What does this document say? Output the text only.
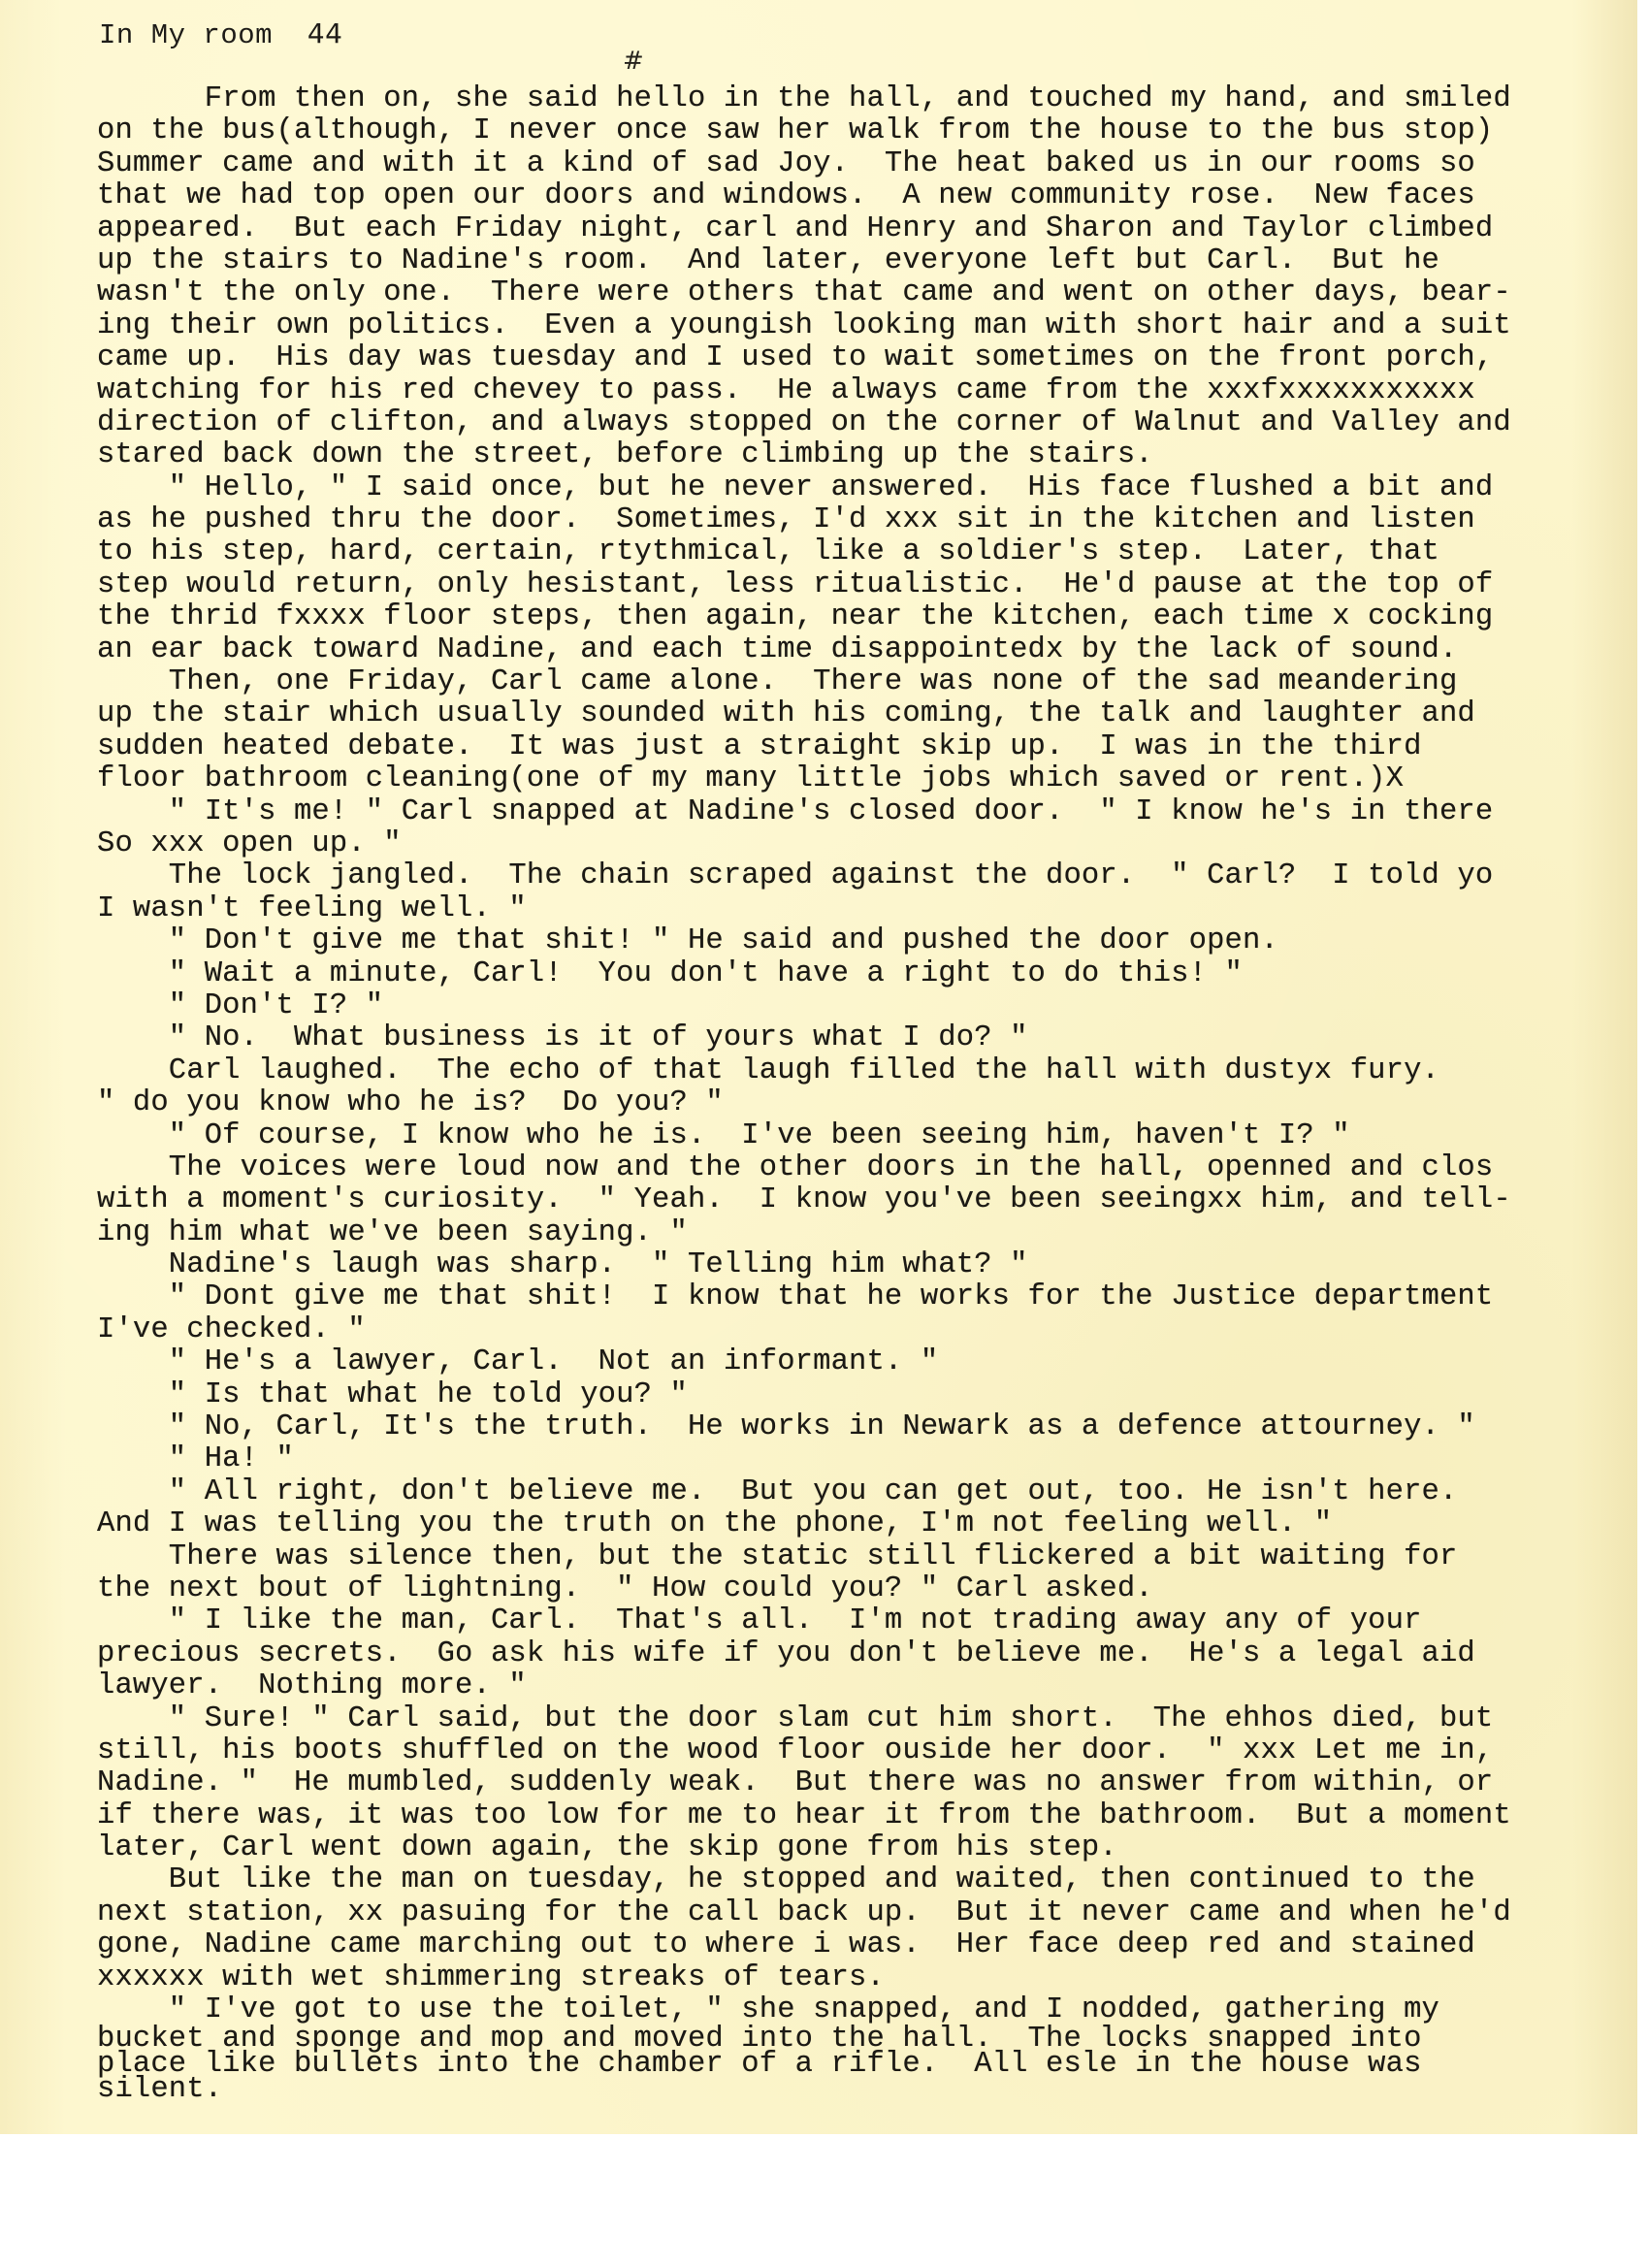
In My room 44
#
From then on, she said hello in the hall, and touched my hand, and smiled
on the bus(although, I never once saw her walk from the house to the bus stop)
Summer came and with it a kind of sad Joy.  The heat baked us in our rooms so
that we had top open our doors and windows.  A new community rose.  New faces
appeared.  But each Friday night, carl and Henry and Sharon and Taylor climbed
up the stairs to Nadine's room.  And later, everyone left but Carl.  But he
wasn't the only one.  There were others that came and went on other days, bear-
ing their own politics.  Even a youngish looking man with short hair and a suit
came up.  His day was tuesday and I used to wait sometimes on the front porch,
watching for his red chevey to pass.  He always came from the xxxfxxxxxxxxxxx
direction of clifton, and always stopped on the corner of Walnut and Valley and
stared back down the street, before climbing up the stairs.
" Hello, " I said once, but he never answered.  His face flushed a bit and
as he pushed thru the door.  Sometimes, I'd xxx sit in the kitchen and listen
to his step, hard, certain, rtythmical, like a soldier's step.  Later, that
step would return, only hesistant, less ritualistic.  He'd pause at the top of
the thrid fxxxx floor steps, then again, near the kitchen, each time x cocking
an ear back toward Nadine, and each time disappointedx by the lack of sound.
Then, one Friday, Carl came alone.  There was none of the sad meandering
up the stair which usually sounded with his coming, the talk and laughter and
sudden heated debate.  It was just a straight skip up.  I was in the third
floor bathroom cleaning(one of my many little jobs which saved or rent.)X
" It's me! " Carl snapped at Nadine's closed door.  " I know he's in there
So xxx open up. "
The lock jangled.  The chain scraped against the door.  " Carl?  I told yo
I wasn't feeling well. "
" Don't give me that shit! " He said and pushed the door open.
" Wait a minute, Carl!  You don't have a right to do this! "
" Don't I? "
" No.  What business is it of yours what I do? "
Carl laughed.  The echo of that laugh filled the hall with dustyx fury.
" do you know who he is?  Do you? "
" Of course, I know who he is.  I've been seeing him, haven't I? "
The voices were loud now and the other doors in the hall, openned and clos
with a moment's curiosity.  " Yeah.  I know you've been seeingxx him, and tell-
ing him what we've been saying. "
Nadine's laugh was sharp.  " Telling him what? "
" Dont give me that shit!  I know that he works for the Justice department
I've checked. "
" He's a lawyer, Carl.  Not an informant. "
" Is that what he told you? "
" No, Carl, It's the truth.  He works in Newark as a defence attourney. "
" Ha! "
" All right, don't believe me.  But you can get out, too. He isn't here.
And I was telling you the truth on the phone, I'm not feeling well. "
There was silence then, but the static still flickered a bit waiting for
the next bout of lightning.  " How could you? " Carl asked.
" I like the man, Carl.  That's all.  I'm not trading away any of your
precious secrets.  Go ask his wife if you don't believe me.  He's a legal aid
lawyer.  Nothing more. "
" Sure! " Carl said, but the door slam cut him short.  The ehhos died, but
still, his boots shuffled on the wood floor ouside her door.  " xxx Let me in,
Nadine. "  He mumbled, suddenly weak.  But there was no answer from within, or
if there was, it was too low for me to hear it from the bathroom.  But a moment
later, Carl went down again, the skip gone from his step.
But like the man on tuesday, he stopped and waited, then continued to the
next station, xx pasuing for the call back up.  But it never came and when he'd
gone, Nadine came marching out to where i was.  Her face deep red and stained
xxxxxx with wet shimmering streaks of tears.
" I've got to use the toilet, " she snapped, and I nodded, gathering my
bucket and sponge and mop and moved into the hall.  The locks snapped into
place like bullets into the chamber of a rifle.  All esle in the house was
silent.
